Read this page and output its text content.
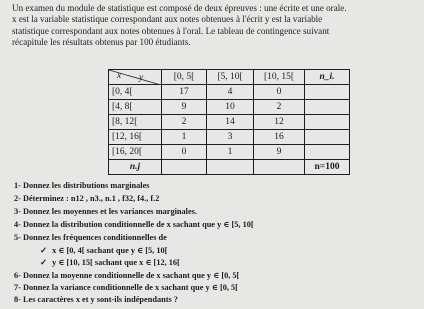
Un examen du module de statistique est composé de deux épreuves : une écrite et une orale.
x est la variable statistique correspondant aux notes obtenues à l'écrit y est la variable
statistique correspondant aux notes obtenues à l'oral. Le tableau de contingence suivant
récapitule les résultats obtenus par 100 étudiants.
x y	[0, 5[	[5, 10[	[10, 15[	n_i.
[0, 4[	17	4	0	
[4, 8[	9	10	2	
[8, 12[	2	14	12	
[12, 16[	1	3	16	
[16, 20[	0	1	9	
n.j				n=100
1- Donnez les distributions marginales
2- Déterminez : n12 , n3., n.1 , f32, f4., f.2
3- Donnez les moyennes et les variances marginales.
4- Donnez la distribution conditionnelle de x sachant que y ∈ [5, 10[
5- Donnez les fréquences conditionnelles de
✓ x ∈ [0, 4[ sachant que y ∈ [5, 10[
✓ y ∈ [10, 15[ sachant que x ∈ [12, 16[
6- Donnez la moyenne conditionnelle de x sachant que y ∈ [0, 5[
7- Donnez la variance conditionnelle de x sachant que y ∈ [0, 5[
8- Les caractères x et y sont-ils indépendants ?
